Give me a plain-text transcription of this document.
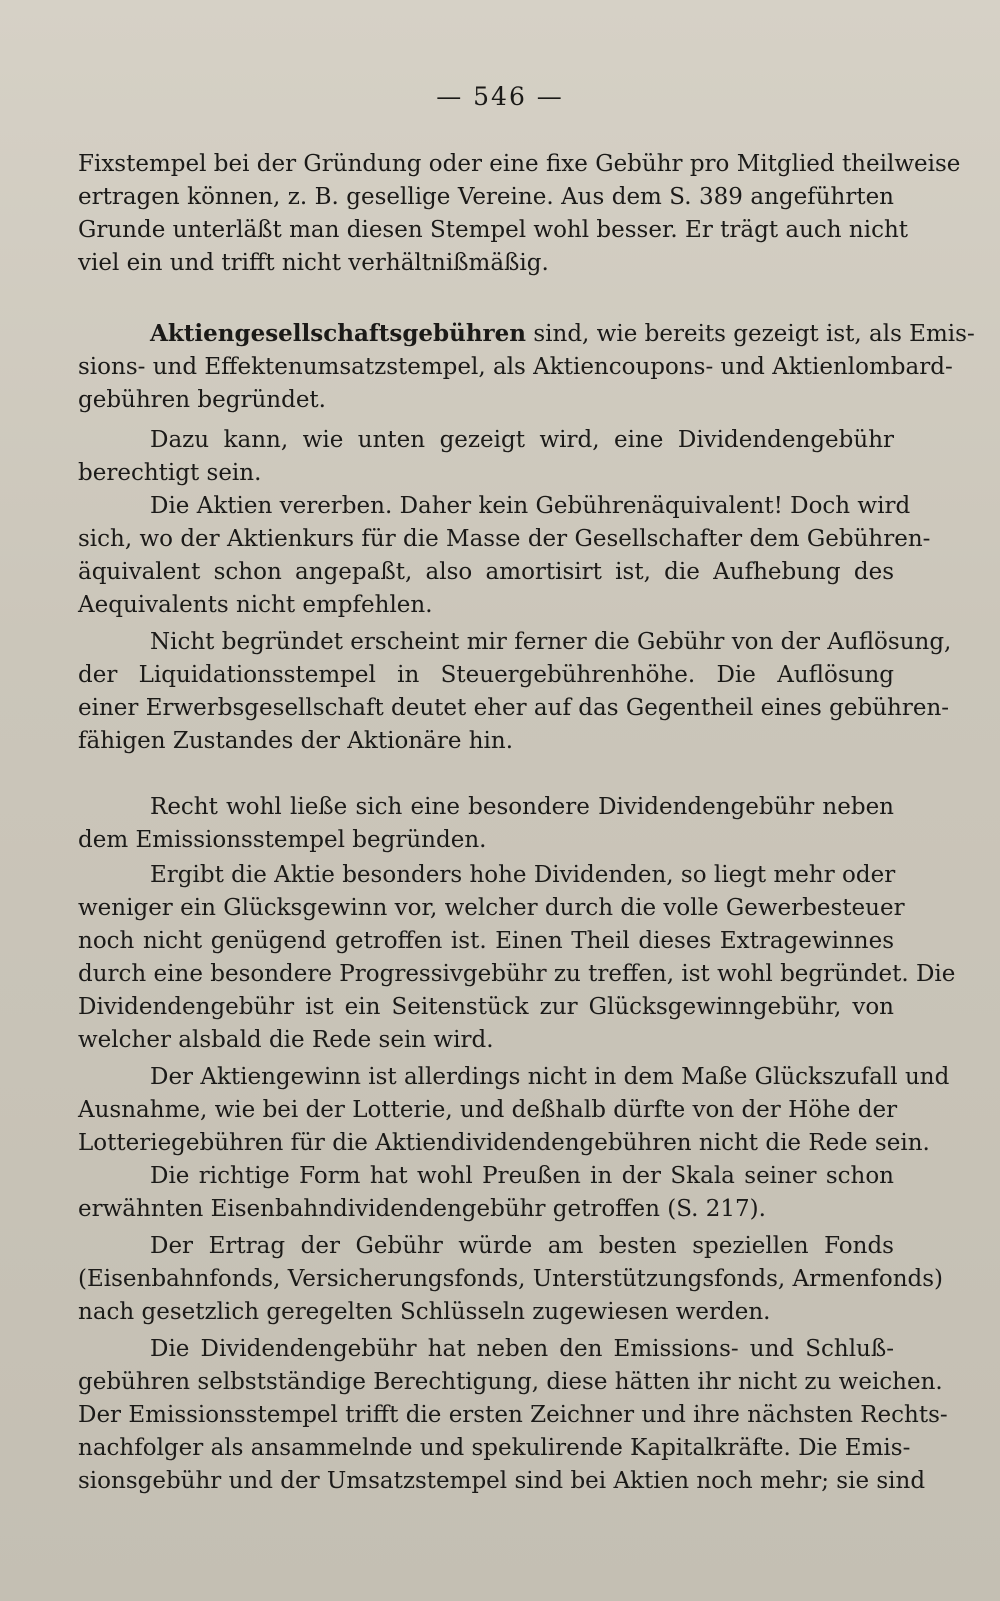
— 546 —
Fixstempel bei der Gründung oder eine fixe Gebühr pro Mitglied theilweise
ertragen können, z. B. gesellige Vereine. Aus dem S. 389 angeführten
Grunde unterläßt man diesen Stempel wohl besser. Er trägt auch nicht
viel ein und trifft nicht verhältnißmäßig.
Aktiengesellschaftsgebühren sind, wie bereits gezeigt ist, als Emis-
sions- und Effektenumsatzstempel, als Aktiencoupons- und Aktienlombard-
gebühren begründet.
Dazu kann, wie unten gezeigt wird, eine Dividendengebühr
berechtigt sein.
Die Aktien vererben. Daher kein Gebührenäquivalent! Doch wird
sich, wo der Aktienkurs für die Masse der Gesellschafter dem Gebühren-
äquivalent schon angepaßt, also amortisirt ist, die Aufhebung des
Aequivalents nicht empfehlen.
Nicht begründet erscheint mir ferner die Gebühr von der Auflösung,
der Liquidationsstempel in Steuergebührenhöhe. Die Auflösung
einer Erwerbsgesellschaft deutet eher auf das Gegentheil eines gebühren-
fähigen Zustandes der Aktionäre hin.
Recht wohl ließe sich eine besondere Dividendengebühr neben
dem Emissionsstempel begründen.
Ergibt die Aktie besonders hohe Dividenden, so liegt mehr oder
weniger ein Glücksgewinn vor, welcher durch die volle Gewerbesteuer
noch nicht genügend getroffen ist. Einen Theil dieses Extragewinnes
durch eine besondere Progressivgebühr zu treffen, ist wohl begründet. Die
Dividendengebühr ist ein Seitenstück zur Glücksgewinngebühr, von
welcher alsbald die Rede sein wird.
Der Aktiengewinn ist allerdings nicht in dem Maße Glückszufall und
Ausnahme, wie bei der Lotterie, und deßhalb dürfte von der Höhe der
Lotteriegebühren für die Aktiendividendengebühren nicht die Rede sein.
Die richtige Form hat wohl Preußen in der Skala seiner schon
erwähnten Eisenbahndividendengebühr getroffen (S. 217).
Der Ertrag der Gebühr würde am besten speziellen Fonds
(Eisenbahnfonds, Versicherungsfonds, Unterstützungsfonds, Armenfonds)
nach gesetzlich geregelten Schlüsseln zugewiesen werden.
Die Dividendengebühr hat neben den Emissions- und Schluß-
gebühren selbstständige Berechtigung, diese hätten ihr nicht zu weichen.
Der Emissionsstempel trifft die ersten Zeichner und ihre nächsten Rechts-
nachfolger als ansammelnde und spekulirende Kapitalkräfte. Die Emis-
sionsgebühr und der Umsatzstempel sind bei Aktien noch mehr; sie sind
